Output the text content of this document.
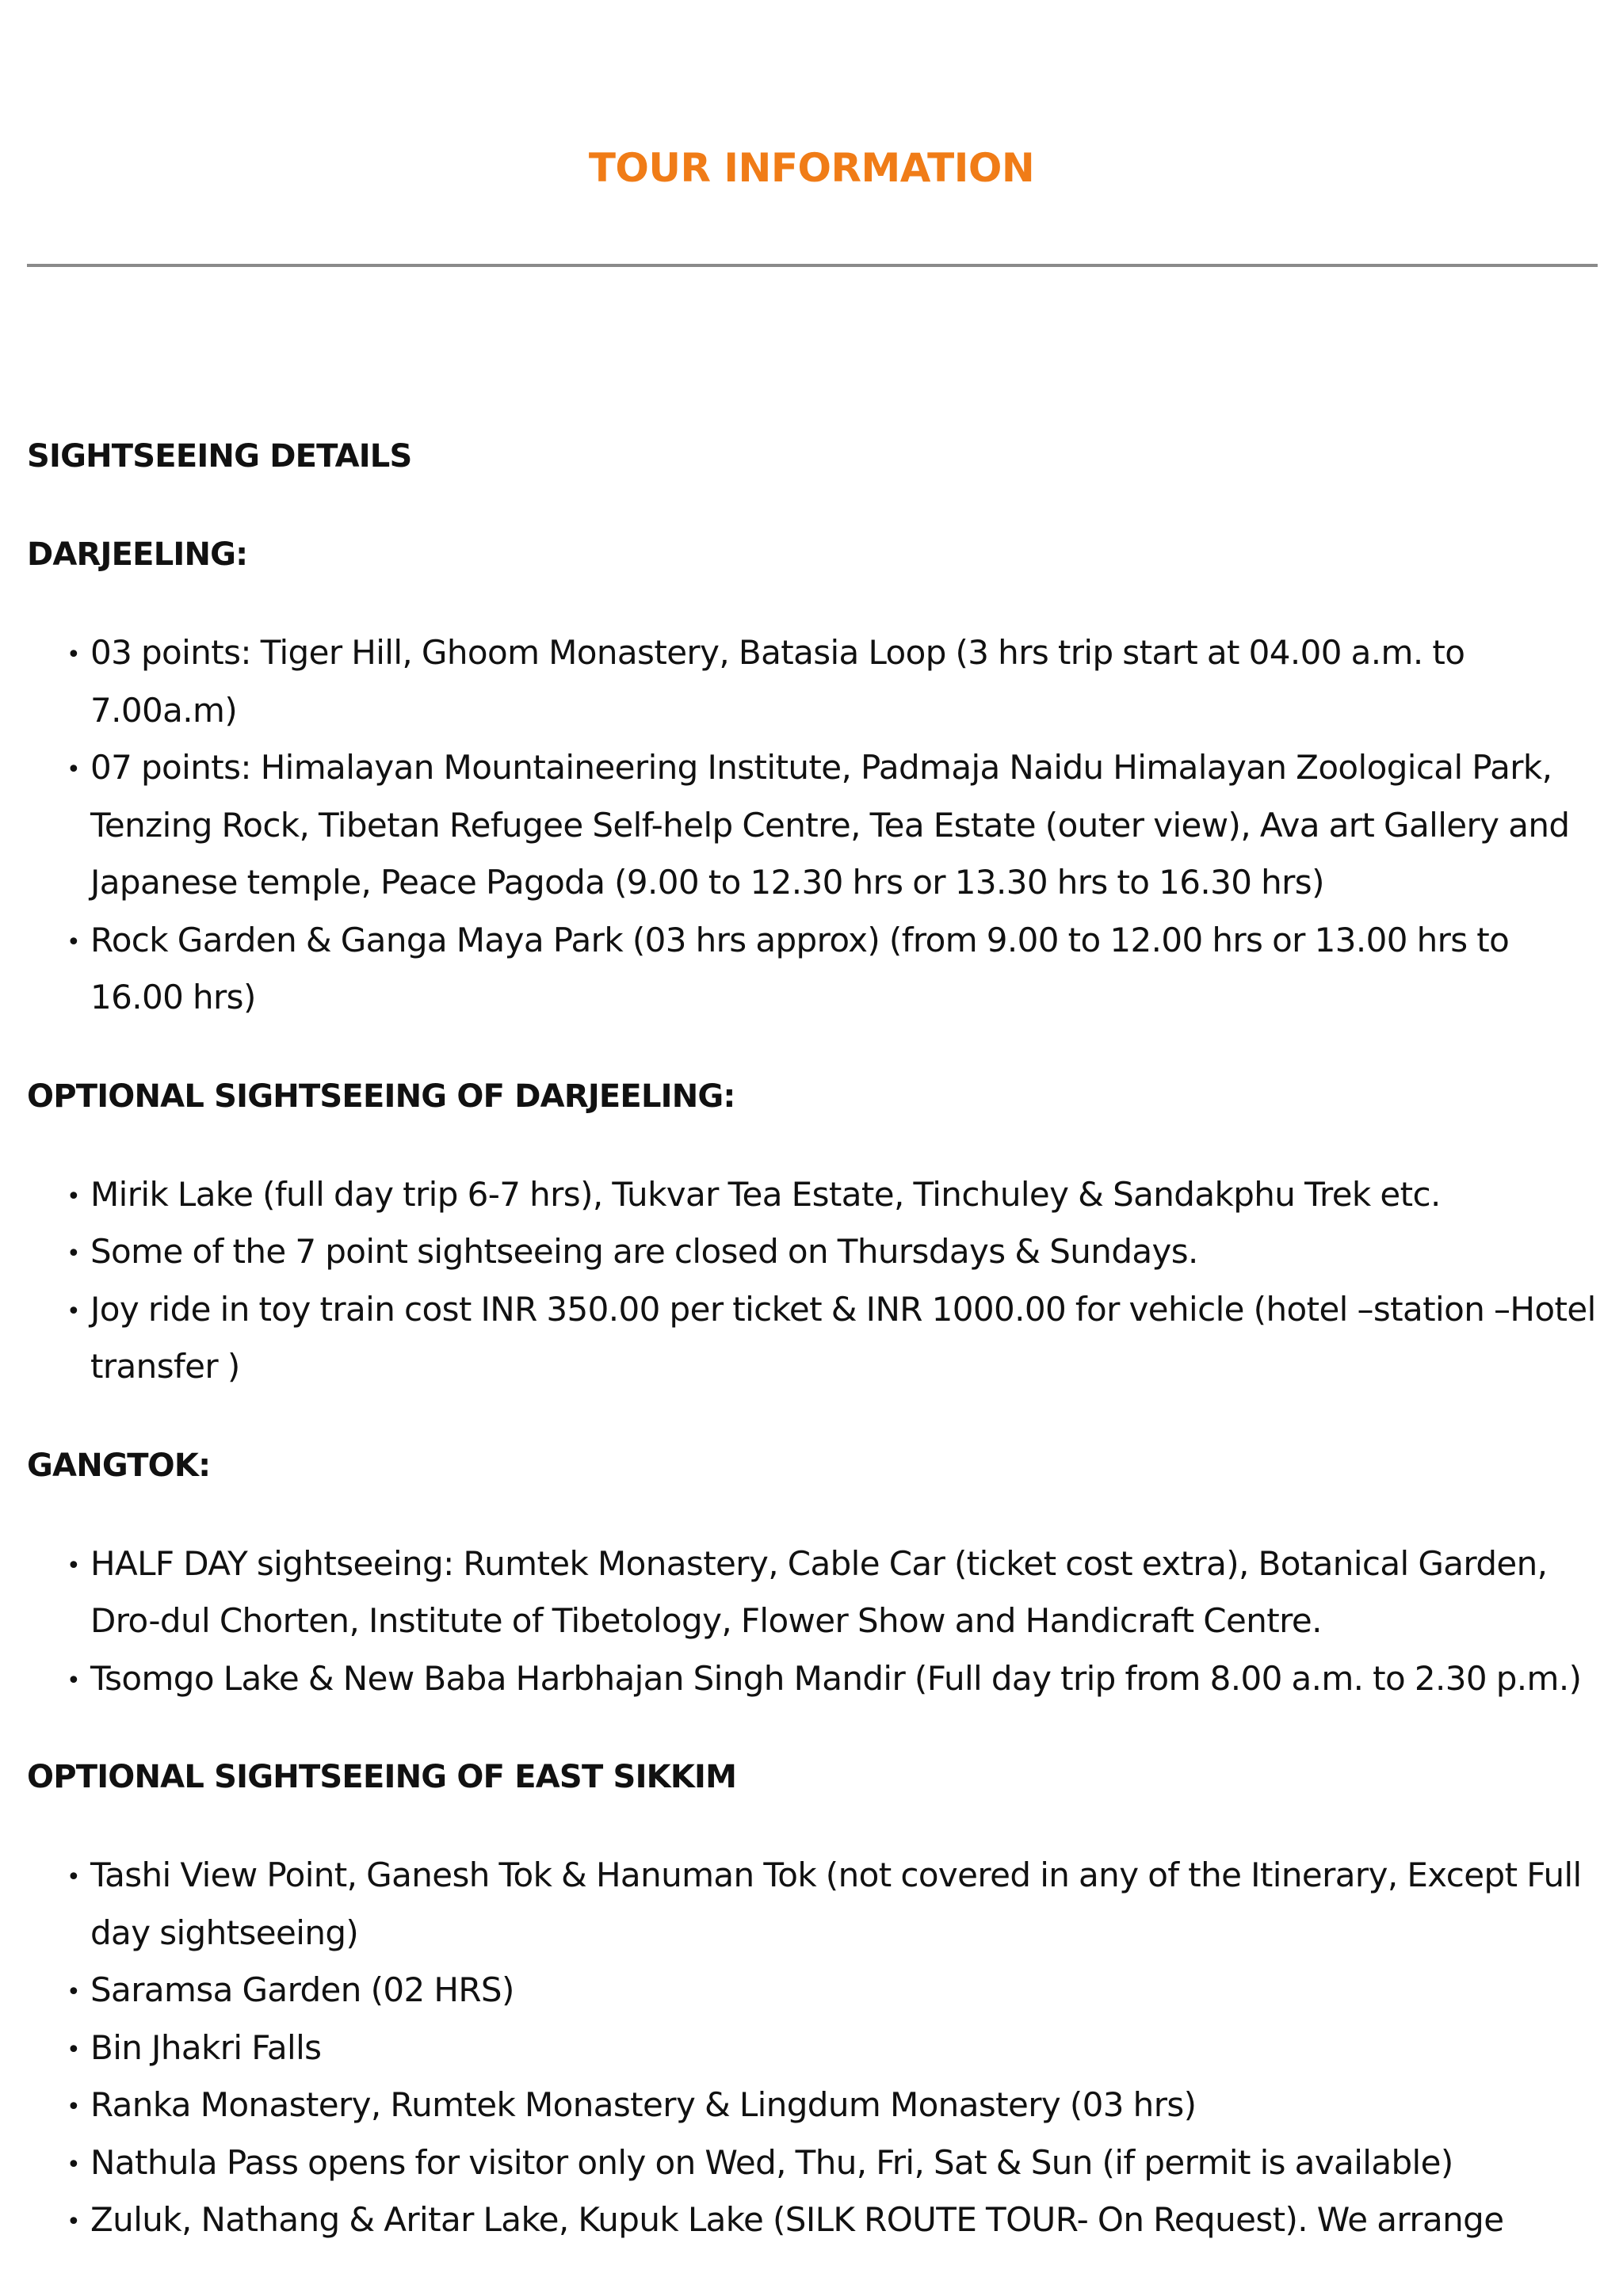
TOUR INFORMATION
SIGHTSEEING DETAILS
DARJEELING:
• 03 points: Tiger Hill, Ghoom Monastery, Batasia Loop (3 hrs trip start at 04.00 a.m. to 7.00a.m)
• 07 points: Himalayan Mountaineering Institute, Padmaja Naidu Himalayan Zoological Park, Tenzing Rock, Tibetan Refugee Self-help Centre, Tea Estate (outer view), Ava art Gallery and Japanese temple, Peace Pagoda (9.00 to 12.30 hrs or 13.30 hrs to 16.30 hrs)
• Rock Garden & Ganga Maya Park (03 hrs approx) (from 9.00 to 12.00 hrs or 13.00 hrs to 16.00 hrs)
OPTIONAL SIGHTSEEING OF DARJEELING:
• Mirik Lake (full day trip 6-7 hrs), Tukvar Tea Estate, Tinchuley & Sandakphu Trek etc.
• Some of the 7 point sightseeing are closed on Thursdays & Sundays.
• Joy ride in toy train cost INR 350.00 per ticket & INR 1000.00 for vehicle (hotel –station –Hotel transfer )
GANGTOK:
• HALF DAY sightseeing: Rumtek Monastery, Cable Car (ticket cost extra), Botanical Garden, Dro-dul Chorten, Institute of Tibetology, Flower Show and Handicraft Centre.
• Tsomgo Lake & New Baba Harbhajan Singh Mandir (Full day trip from 8.00 a.m. to 2.30 p.m.)
OPTIONAL SIGHTSEEING OF EAST SIKKIM
• Tashi View Point, Ganesh Tok & Hanuman Tok (not covered in any of the Itinerary, Except Full day sightseeing)
• Saramsa Garden (02 HRS)
• Bin Jhakri Falls
• Ranka Monastery, Rumtek Monastery & Lingdum Monastery (03 hrs)
• Nathula Pass opens for visitor only on Wed, Thu, Fri, Sat & Sun (if permit is available)
• Zuluk, Nathang & Aritar Lake, Kupuk Lake (SILK ROUTE TOUR- On Request). We arrange
